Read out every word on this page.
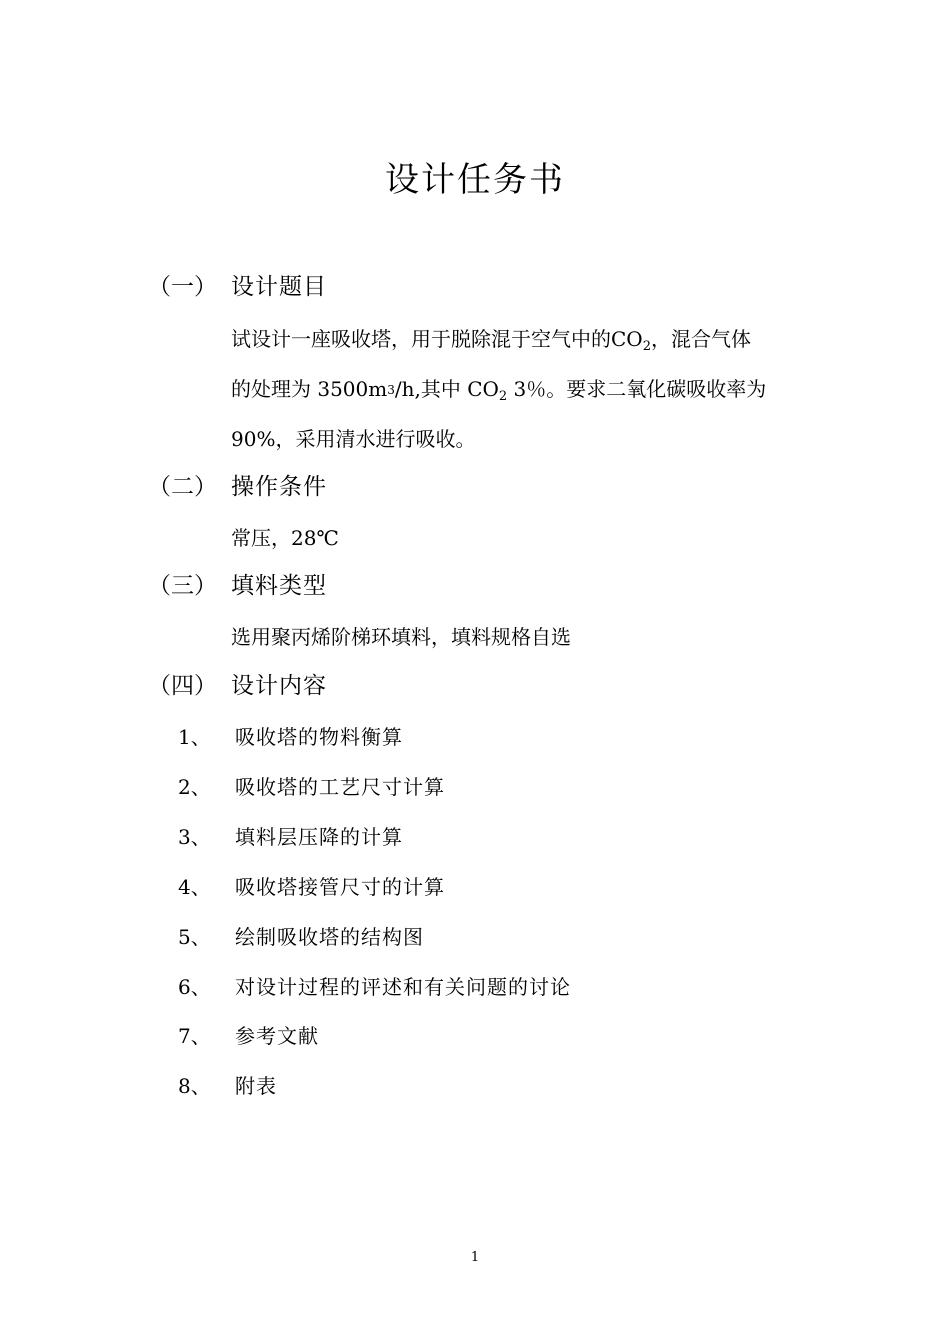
设计任务书
（一） 设计题目
试设计一座吸收塔，用于脱除混于空气中的$CO_2$，混合气体
的处理为 $3500m^3/h$,其中 $CO_2$ 3％。要求二氧化碳吸收率为
90%，采用清水进行吸收。
（二） 操作条件
常压，28℃
（三） 填料类型
选用聚丙烯阶梯环填料，填料规格自选
（四） 设计内容
1、 吸收塔的物料衡算
2、 吸收塔的工艺尺寸计算
3、 填料层压降的计算
4、 吸收塔接管尺寸的计算
5、 绘制吸收塔的结构图
6、 对设计过程的评述和有关问题的讨论
7、 参考文献
8、 附表
1
